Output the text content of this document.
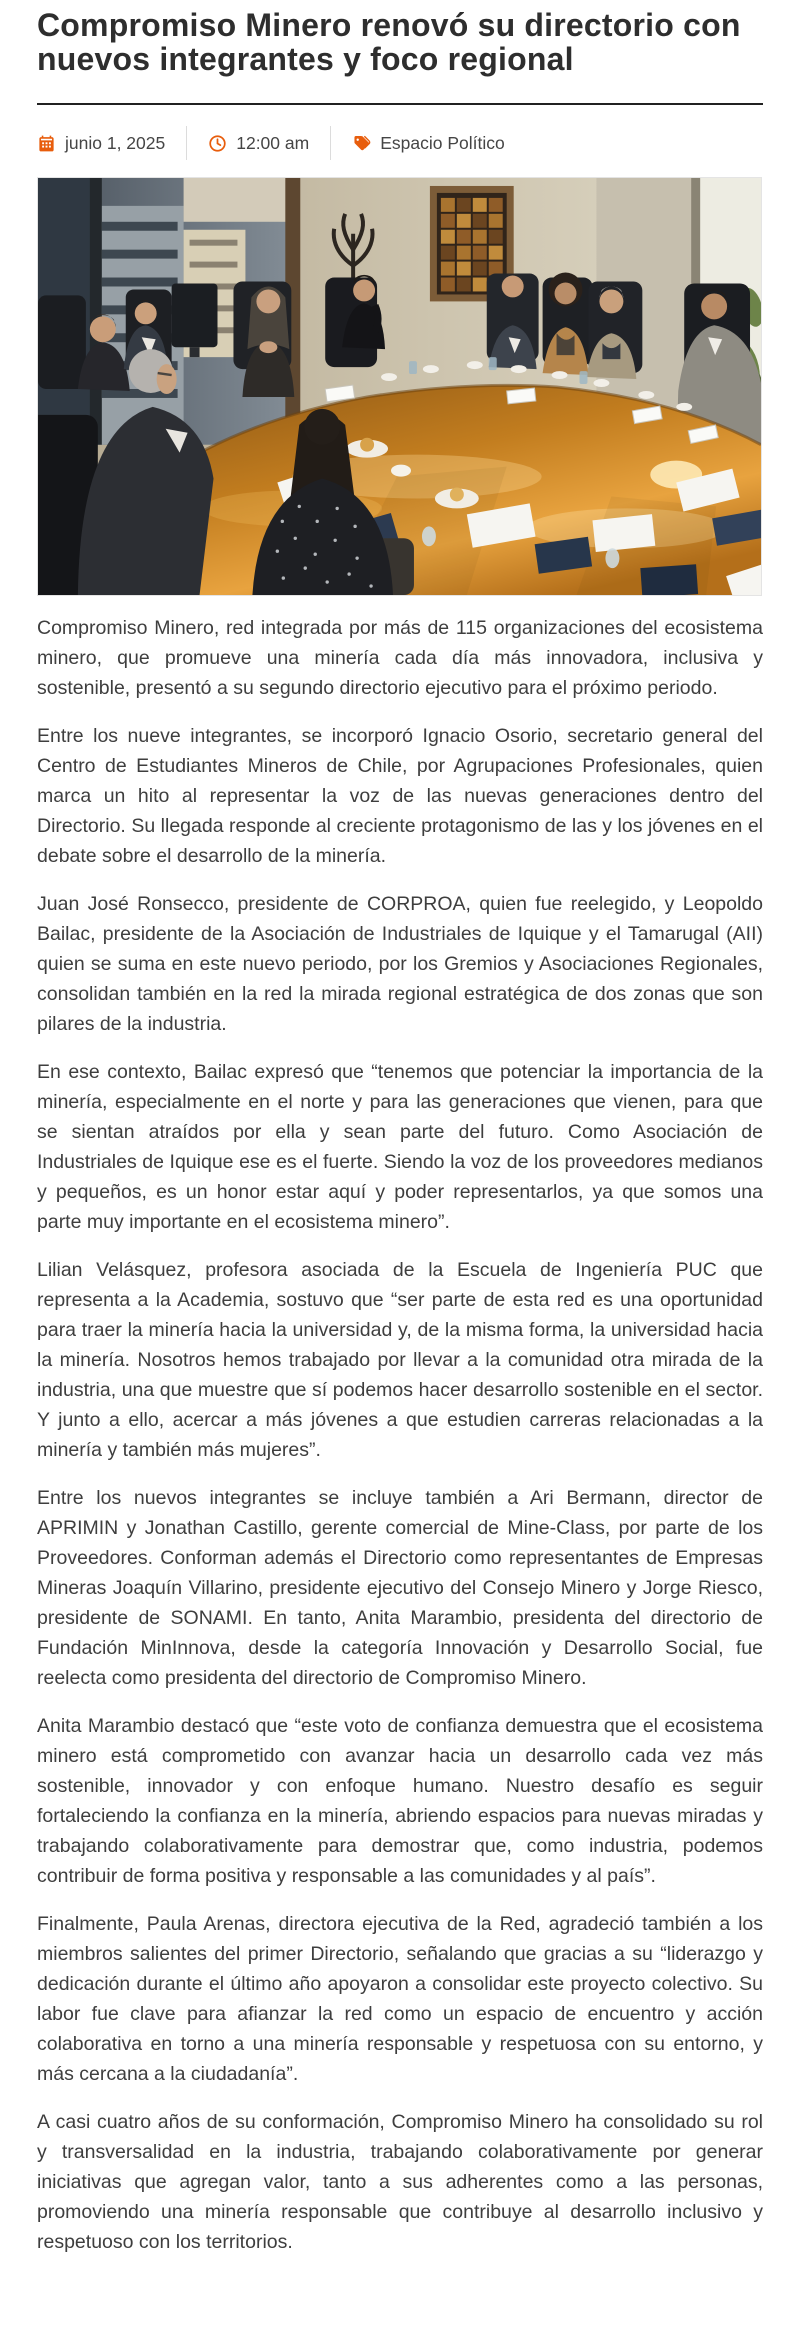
Compromiso Minero renovó su directorio con nuevos integrantes y foco regional
junio 1, 2025	12:00 am	Espacio Político

Compromiso Minero, red integrada por más de 115 organizaciones del ecosistema minero, que promueve una minería cada día más innovadora, inclusiva y sostenible, presentó a su segundo directorio ejecutivo para el próximo periodo.

Entre los nueve integrantes, se incorporó Ignacio Osorio, secretario general del Centro de Estudiantes Mineros de Chile, por Agrupaciones Profesionales, quien marca un hito al representar la voz de las nuevas generaciones dentro del Directorio. Su llegada responde al creciente protagonismo de las y los jóvenes en el debate sobre el desarrollo de la minería.

Juan José Ronsecco, presidente de CORPROA, quien fue reelegido, y Leopoldo Bailac, presidente de la Asociación de Industriales de Iquique y el Tamarugal (AII) quien se suma en este nuevo periodo, por los Gremios y Asociaciones Regionales, consolidan también en la red la mirada regional estratégica de dos zonas que son pilares de la industria.

En ese contexto, Bailac expresó que “tenemos que potenciar la importancia de la minería, especialmente en el norte y para las generaciones que vienen, para que se sientan atraídos por ella y sean parte del futuro. Como Asociación de Industriales de Iquique ese es el fuerte. Siendo la voz de los proveedores medianos y pequeños, es un honor estar aquí y poder representarlos, ya que somos una parte muy importante en el ecosistema minero”.

Lilian Velásquez, profesora asociada de la Escuela de Ingeniería PUC que representa a la Academia, sostuvo que “ser parte de esta red es una oportunidad para traer la minería hacia la universidad y, de la misma forma, la universidad hacia la minería. Nosotros hemos trabajado por llevar a la comunidad otra mirada de la industria, una que muestre que sí podemos hacer desarrollo sostenible en el sector. Y junto a ello, acercar a más jóvenes a que estudien carreras relacionadas a la minería y también más mujeres”.

Entre los nuevos integrantes se incluye también a Ari Bermann, director de APRIMIN y Jonathan Castillo, gerente comercial de Mine-Class, por parte de los Proveedores. Conforman además el Directorio como representantes de Empresas Mineras Joaquín Villarino, presidente ejecutivo del Consejo Minero y Jorge Riesco, presidente de SONAMI. En tanto, Anita Marambio, presidenta del directorio de Fundación MinInnova, desde la categoría Innovación y Desarrollo Social, fue reelecta como presidenta del directorio de Compromiso Minero.

Anita Marambio destacó que “este voto de confianza demuestra que el ecosistema minero está comprometido con avanzar hacia un desarrollo cada vez más sostenible, innovador y con enfoque humano. Nuestro desafío es seguir fortaleciendo la confianza en la minería, abriendo espacios para nuevas miradas y trabajando colaborativamente para demostrar que, como industria, podemos contribuir de forma positiva y responsable a las comunidades y al país”.

Finalmente, Paula Arenas, directora ejecutiva de la Red, agradeció también a los miembros salientes del primer Directorio, señalando que gracias a su “liderazgo y dedicación durante el último año apoyaron a consolidar este proyecto colectivo. Su labor fue clave para afianzar la red como un espacio de encuentro y acción colaborativa en torno a una minería responsable y respetuosa con su entorno, y más cercana a la ciudadanía”.

A casi cuatro años de su conformación, Compromiso Minero ha consolidado su rol y transversalidad en la industria, trabajando colaborativamente por generar iniciativas que agregan valor, tanto a sus adherentes como a las personas, promoviendo una minería responsable que contribuye al desarrollo inclusivo y respetuoso con los territorios.
